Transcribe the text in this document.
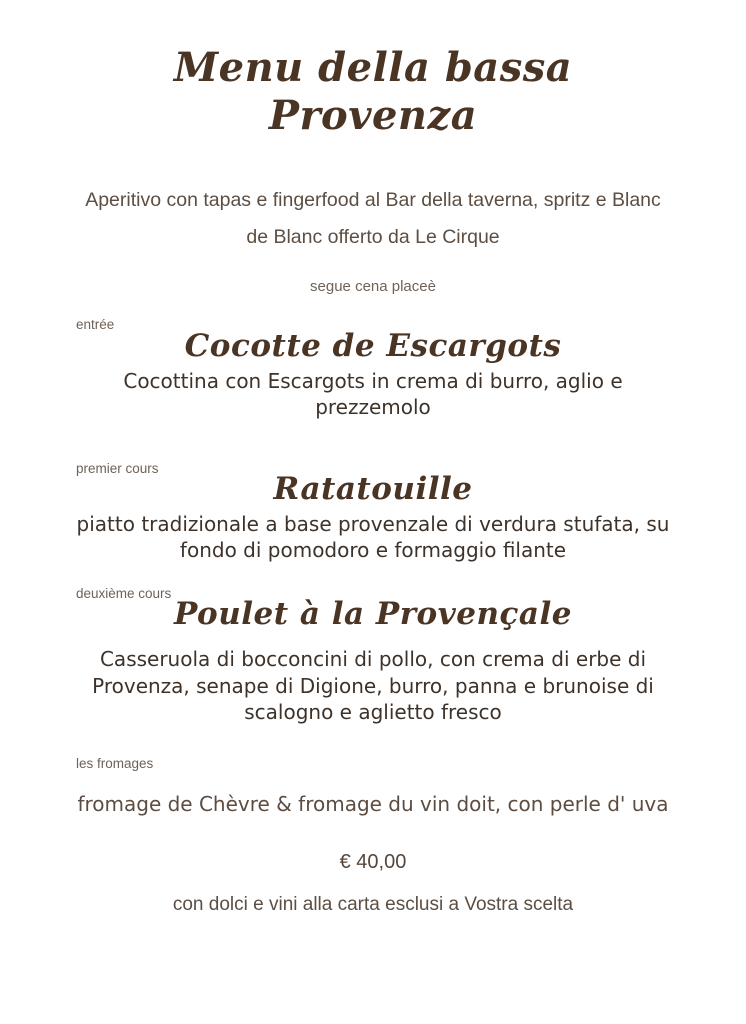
Menu della bassa Provenza

Aperitivo con tapas e fingerfood al Bar della taverna, spritz e Blanc de Blanc offerto da Le Cirque

segue cena placeè

entrée
Cocotte de Escargots
Cocottina con Escargots in crema di burro, aglio e prezzemolo
premier cours
Ratatouille
piatto tradizionale a base provenzale di verdura stufata, su fondo di pomodoro e formaggio filante
deuxième cours
Poulet à la Provençale
Casseruola di bocconcini di pollo, con crema di erbe di Provenza, senape di Digione, burro, panna e brunoise di scalogno e aglietto fresco
les fromages
fromage de Chèvre & fromage du vin doit, con perle d' uva

€ 40,00

con dolci e vini alla carta esclusi a Vostra scelta
